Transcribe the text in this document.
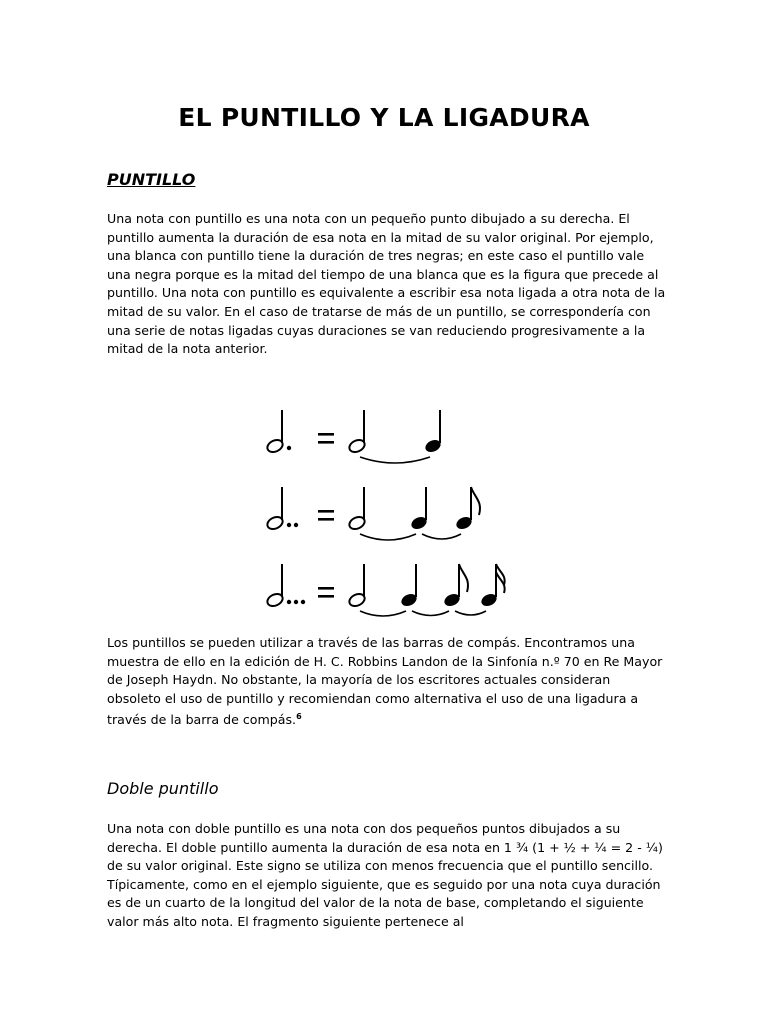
EL PUNTILLO Y LA LIGADURA
PUNTILLO

Una nota con puntillo es una nota con un pequeño punto dibujado a su derecha. El puntillo aumenta la duración de esa nota en la mitad de su valor original. Por ejemplo, una blanca con puntillo tiene la duración de tres negras; en este caso el puntillo vale una negra porque es la mitad del tiempo de una blanca que es la figura que precede al puntillo. Una nota con puntillo es equivalente a escribir esa nota ligada a otra nota de la mitad de su valor. En el caso de tratarse de más de un puntillo, se correspondería con una serie de notas ligadas cuyas duraciones se van reduciendo progresivamente a la mitad de la nota anterior.

Los puntillos se pueden utilizar a través de las barras de compás. Encontramos una muestra de ello en la edición de H. C. Robbins Landon de la Sinfonía n.º 70 en Re Mayor de Joseph Haydn. No obstante, la mayoría de los escritores actuales consideran obsoleto el uso de puntillo y recomiendan como alternativa el uso de una ligadura a través de la barra de compás.$^6$

Doble puntillo

Una nota con doble puntillo es una nota con dos pequeños puntos dibujados a su derecha. El doble puntillo aumenta la duración de esa nota en 1 ¾ (1 + ½ + ¼ = 2 - ¼) de su valor original. Este signo se utiliza con menos frecuencia que el puntillo sencillo. Típicamente, como en el ejemplo siguiente, que es seguido por una nota cuya duración es de un cuarto de la longitud del valor de la nota de base, completando el siguiente valor más alto nota. El fragmento siguiente pertenece al
